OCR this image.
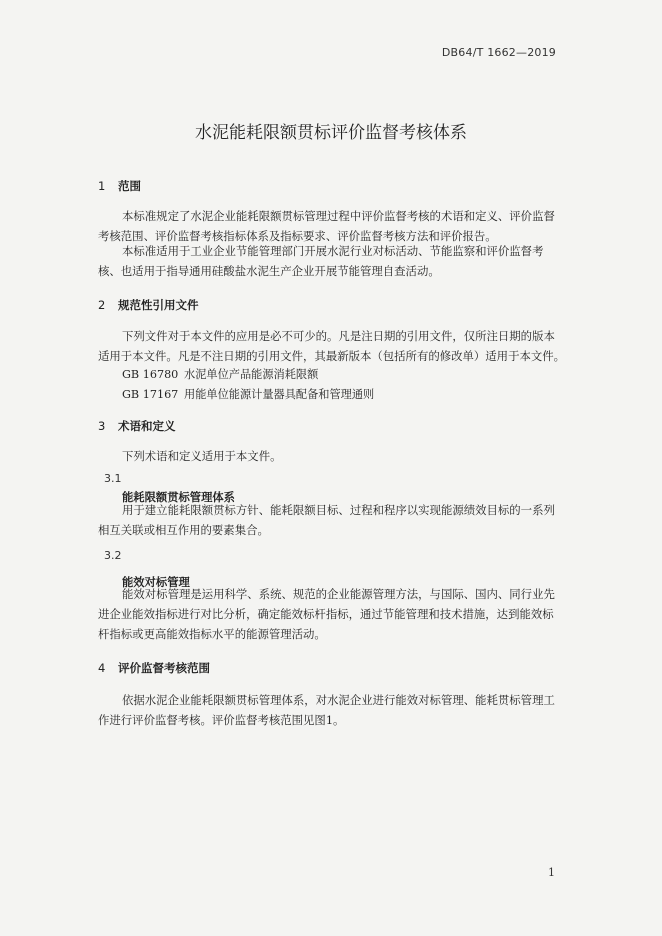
DB64/T 1662—2019
水泥能耗限额贯标评价监督考核体系
1 范围
本标准规定了水泥企业能耗限额贯标管理过程中评价监督考核的术语和定义、评价监督
考核范围、评价监督考核指标体系及指标要求、评价监督考核方法和评价报告。
本标准适用于工业企业节能管理部门开展水泥行业对标活动、节能监察和评价监督考
核、也适用于指导通用硅酸盐水泥生产企业开展节能管理自查活动。
2 规范性引用文件
下列文件对于本文件的应用是必不可少的。凡是注日期的引用文件，仅所注日期的版本
适用于本文件。凡是不注日期的引用文件，其最新版本（包括所有的修改单）适用于本文件。
GB 16780 水泥单位产品能源消耗限额
GB 17167 用能单位能源计量器具配备和管理通则
3 术语和定义
下列术语和定义适用于本文件。
3.1
能耗限额贯标管理体系
用于建立能耗限额贯标方针、能耗限额目标、过程和程序以实现能源绩效目标的一系列
相互关联或相互作用的要素集合。
3.2
能效对标管理
能效对标管理是运用科学、系统、规范的企业能源管理方法，与国际、国内、同行业先
进企业能效指标进行对比分析，确定能效标杆指标，通过节能管理和技术措施，达到能效标
杆指标或更高能效指标水平的能源管理活动。
4 评价监督考核范围
依据水泥企业能耗限额贯标管理体系，对水泥企业进行能效对标管理、能耗贯标管理工
作进行评价监督考核。评价监督考核范围见图1。
1
